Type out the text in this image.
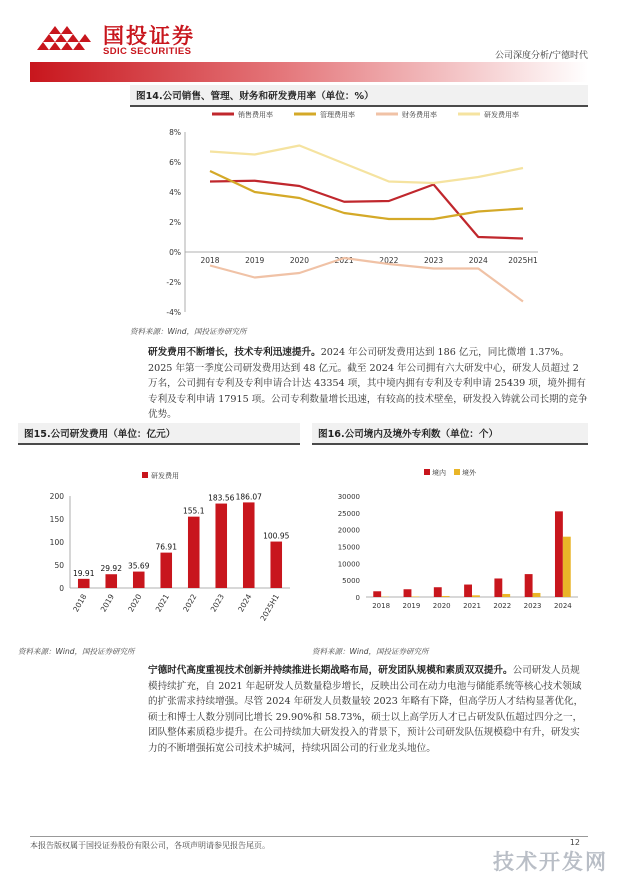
国投证券
SDIC SECURITIES	公司深度分析/宁德时代
图14.公司销售、管理、财务和研发费用率（单位：%）
销售费用率	管理费用率	财务费用率	研发费用率
8%
6%
4%
2%
0%
-2%
-4%
2018	2019	2020	2021	2022	2023	2024	2025H1
资料来源：Wind，国投证券研究所
研发费用不断增长，技术专利迅速提升。2024 年公司研发费用达到 186 亿元，同比微增 1.37%。2025 年第一季度公司研发费用达到 48 亿元。截至 2024 年公司拥有六大研发中心，研发人员超过 2 万名，公司拥有专利及专利申请合计达 43354 项，其中境内拥有专利及专利申请 25439 项，境外拥有专利及专利申请 17915 项。公司专利数量增长迅速，有较高的技术壁垒，研发投入铸就公司长期的竞争优势。
图15.公司研发费用（单位：亿元）
研发费用
0
50
100
150
200
19.91
2018
29.92
2019
35.69
2020
76.91
2021
155.1
2022
183.56
2023
186.07
2024
100.95
2025H1
资料来源：Wind，国投证券研究所
图16.公司境内及境外专利数（单位：个）
境内 境外
0
5000
10000
15000
20000
25000
30000
2018 2019 2020 2021 2022 2023 2024
资料来源：Wind，国投证券研究所
宁德时代高度重视技术创新并持续推进长期战略布局，研发团队规模和素质双双提升。公司研发人员规模持续扩充，自 2021 年起研发人员数量稳步增长，反映出公司在动力电池与储能系统等核心技术领域的扩张需求持续增强。尽管 2024 年研发人员数量较 2023 年略有下降，但高学历人才结构显著优化，硕士和博士人数分别同比增长 29.90%和 58.73%，硕士以上高学历人才已占研发队伍超过四分之一，团队整体素质稳步提升。在公司持续加大研发投入的背景下，预计公司研发队伍规模稳中有升，研发实力的不断增强拓宽公司技术护城河，持续巩固公司的行业龙头地位。
本报告版权属于国投证券股份有限公司，各项声明请参见报告尾页。	12
技术开发网
